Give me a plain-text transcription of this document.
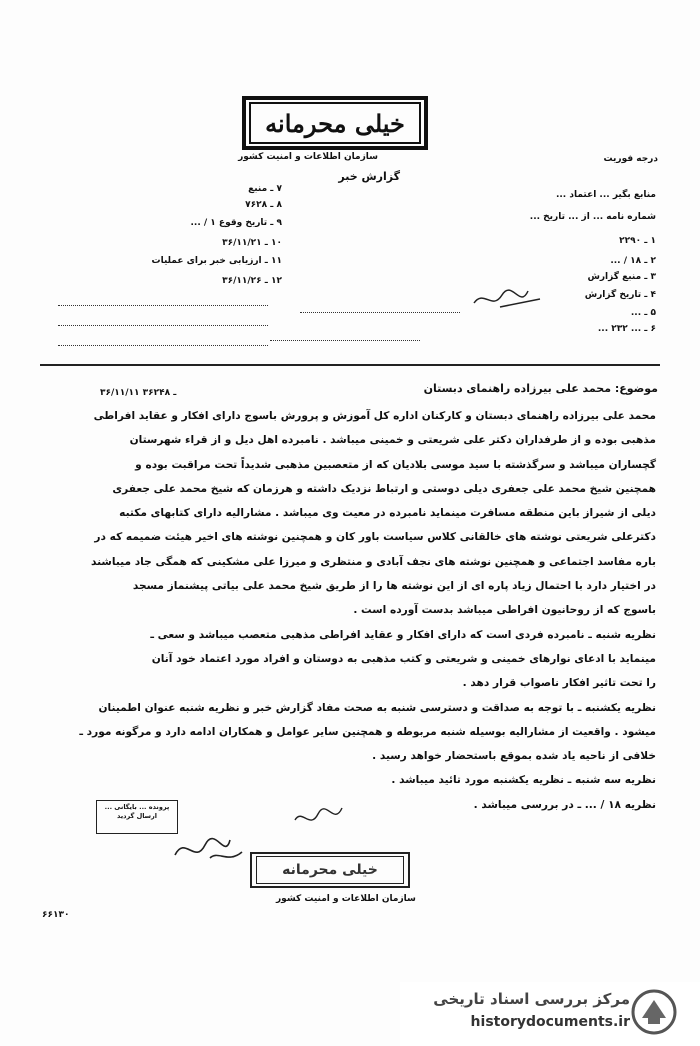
خیلی محرمانه
درجه فوریت
سازمان اطلاعات و امنیت کشور
گزارش خبر
منابع بگیر ... اعتماد ...
شماره نامه ... از ... تاریخ ...
۱ ـ ۲۲۹۰
۲ ـ ۱۸ / ...
۳ ـ منبع گزارش
۴ ـ تاریخ گزارش
۵ ـ ...
۶ ـ ... ۲۳۲ ...
۷ ـ منبع
۸ ـ ۷۶۲۸
۹ ـ تاریخ وقوع ۱ / ...
۱۰ ـ ۳۶/۱۱/۲۱
۱۱ ـ ارزیابی خبر برای عملیات
۱۲ ـ ۳۶/۱۱/۲۶
موضوع: محمد علی بیرزاده راهنمای دبستان
۳۶/۱۱/۱۱ ـ ۳۶۲۴۸

محمد علی بیرزاده راهنمای دبستان و کارکنان اداره کل آموزش و پرورش باسوج دارای افکار و عقاید افراطی

مذهبی بوده و از طرفداران دکتر علی شریعتی و خمینی میباشد . نامبرده اهل دیل و از قراء شهرستان

گچساران میباشد و سرگذشته با سید موسی بلادیان که از متعصبین مذهبی شدیداً تحت مراقبت بوده و

همچنین شیخ محمد علی جعفری دیلی دوستی و ارتباط نزدیک داشته و هرزمان که شیخ محمد علی جعفری

دیلی از شیراز باین منطقه مسافرت مینماید نامبرده در معیت وی میباشد . مشارالیه دارای کتابهای مکتبه

دکترعلی شریعتی نوشته های خالقانی کلاس سیاست باور کان و همچنین نوشته های اخیر هیئت ضمیمه که در

باره مفاسد اجتماعی و همچنین نوشته های نجف آبادی و منتظری و میرزا علی مشکینی که همگی جاد میباشند

در اختیار دارد با احتمال زیاد پاره ای از این نوشته ها را از طریق شیخ محمد علی بیاتی پیشنماز مسجد

باسوج که از روحانیون افراطی میباشد بدست آورده است .

نظریه شنبه ـ نامبرده فردی است که دارای افکار و عقاید افراطی مذهبی متعصب میباشد و سعی ـ

مینماید با ادعای نوارهای خمینی و شریعتی و کتب مذهبی به دوستان و افراد مورد اعتماد خود آنان

را تحت تاثیر افکار ناصواب قرار دهد .

نظریه یکشنبه ـ با توجه به صداقت و دسترسی شنبه به صحت مفاد گزارش خبر و نظریه شنبه عنوان اطمینان

میشود . واقعیت از مشارالیه بوسیله شنبه مربوطه و همچنین سایر عوامل و همکاران ادامه دارد و مرگونه مورد ـ

خلافی از ناحیه یاد شده بموقع باستحضار خواهد رسید .

نظریه سه شنبه ـ نظریه یکشنبه مورد تائید میباشد .

نظریه ۱۸ / ... ـ در بررسی میباشد .

پرونده ... بایگانی ... ارسال گردید
خیلی محرمانه
سازمان اطلاعات و امنیت کشور
۶۶۱۳۰
مرکز بررسی اسناد تاریخی
historydocuments.ir
